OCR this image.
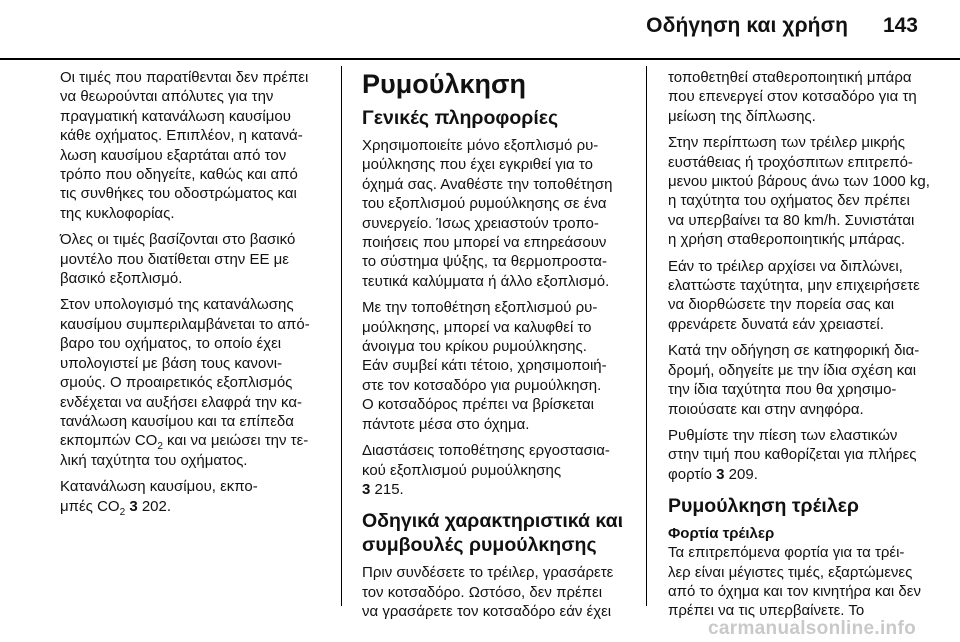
Οδήγηση και χρήση 143
Οι τιμές που παρατίθενται δεν πρέπει
να θεωρούνται απόλυτες για την
πραγματική κατανάλωση καυσίμου
κάθε οχήματος. Επιπλέον, η κατανά-
λωση καυσίμου εξαρτάται από τον
τρόπο που οδηγείτε, καθώς και από
τις συνθήκες του οδοστρώματος και
της κυκλοφορίας.
Όλες οι τιμές βασίζονται στο βασικό
μοντέλο που διατίθεται στην ΕΕ με
βασικό εξοπλισμό.
Στον υπολογισμό της κατανάλωσης
καυσίμου συμπεριλαμβάνεται το από-
βαρο του οχήματος, το οποίο έχει
υπολογιστεί με βάση τους κανονι-
σμούς. Ο προαιρετικός εξοπλισμός
ενδέχεται να αυξήσει ελαφρά την κα-
τανάλωση καυσίμου και τα επίπεδα
εκπομπών $CO_2$ και να μειώσει την τε-
λική ταχύτητα του οχήματος.
Κατανάλωση καυσίμου, εκπο-
μπές $CO_2$ 3 202.
Ρυμούλκηση
Γενικές πληροφορίες
Χρησιμοποιείτε μόνο εξοπλισμό ρυ-
μούλκησης που έχει εγκριθεί για το
όχημά σας. Αναθέστε την τοποθέτηση
του εξοπλισμού ρυμούλκησης σε ένα
συνεργείο. Ίσως χρειαστούν τροπο-
ποιήσεις που μπορεί να επηρεάσουν
το σύστημα ψύξης, τα θερμοπροστα-
τευτικά καλύμματα ή άλλο εξοπλισμό.
Με την τοποθέτηση εξοπλισμού ρυ-
μούλκησης, μπορεί να καλυφθεί το
άνοιγμα του κρίκου ρυμούλκησης.
Εάν συμβεί κάτι τέτοιο, χρησιμοποιή-
στε τον κοτσαδόρο για ρυμούλκηση.
Ο κοτσαδόρος πρέπει να βρίσκεται
πάντοτε μέσα στο όχημα.
Διαστάσεις τοποθέτησης εργοστασια-
κού εξοπλισμού ρυμούλκησης
3 215.
Οδηγικά χαρακτηριστικά και
συμβουλές ρυμούλκησης
Πριν συνδέσετε το τρέιλερ, γρασάρετε
τον κοτσαδόρο. Ωστόσο, δεν πρέπει
να γρασάρετε τον κοτσαδόρο εάν έχει
τοποθετηθεί σταθεροποιητική μπάρα
που επενεργεί στον κοτσαδόρο για τη
μείωση της δίπλωσης.
Στην περίπτωση των τρέιλερ μικρής
ευστάθειας ή τροχόσπιτων επιτρεπό-
μενου μικτού βάρους άνω των 1000 kg,
η ταχύτητα του οχήματος δεν πρέπει
να υπερβαίνει τα 80 km/h. Συνιστάται
η χρήση σταθεροποιητικής μπάρας.
Εάν το τρέιλερ αρχίσει να διπλώνει,
ελαττώστε ταχύτητα, μην επιχειρήσετε
να διορθώσετε την πορεία σας και
φρενάρετε δυνατά εάν χρειαστεί.
Κατά την οδήγηση σε κατηφορική δια-
δρομή, οδηγείτε με την ίδια σχέση και
την ίδια ταχύτητα που θα χρησιμο-
ποιούσατε και στην ανηφόρα.
Ρυθμίστε την πίεση των ελαστικών
στην τιμή που καθορίζεται για πλήρες
φορτίο 3 209.
Ρυμούλκηση τρέιλερ
Φορτία τρέιλερ
Τα επιτρεπόμενα φορτία για τα τρέι-
λερ είναι μέγιστες τιμές, εξαρτώμενες
από το όχημα και τον κινητήρα και δεν
πρέπει να τις υπερβαίνετε. Το
carmanualsonline.info
